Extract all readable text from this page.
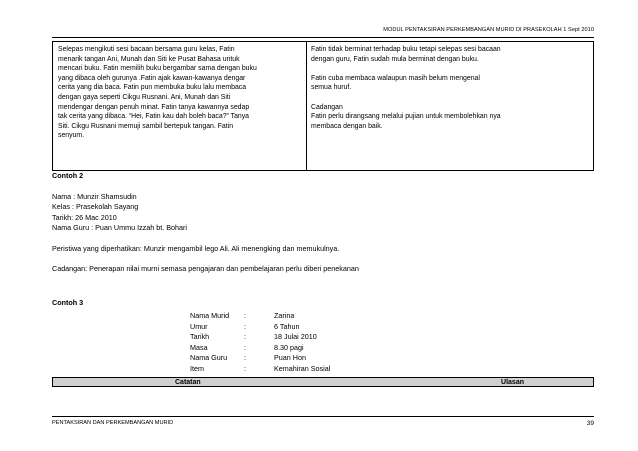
MODUL PENTAKSIRAN PERKEMBANGAN MURID DI PRASEKOLAH 1 Sept 2010

Selepas mengikuti sesi bacaan bersama guru kelas, Fatin

menarik tangan Ani, Munah dan Siti ke Pusat Bahasa untuk

mencari buku. Fatin memilih buku bergambar sama dengan buku

yang dibaca oleh gurunya .Fatin ajak kawan-kawanya dengar

cerita yang dia baca. Fatin pun membuka buku lalu membaca

dengan gaya seperti Cikgu Rusnani. Ani, Munah dan Siti

mendengar dengan penuh minat. Fatin tanya kawannya sedap

tak cerita yang dibaca. “Hei, Fatin kau dah boleh baca?” Tanya

Siti. Cikgu Rusnani memuji sambil bertepuk tangan. Fatin

senyum.

Fatin tidak berminat terhadap buku tetapi selepas sesi bacaan
dengan guru, Fatin sudah mula berminat dengan buku.

Fatin cuba membaca walaupun masih belum mengenal
semua huruf.

Cadangan
Fatin perlu dirangsang melalui pujian untuk membolehkan nya
membaca dengan baik.

Contoh 2

Nama : Munzir Shamsudin

Kelas : Prasekolah Sayang

Tarikh: 26 Mac 2010

Nama Guru : Puan Ummu Izzah bt. Bohari

Peristiwa yang diperhatikan: Munzir mengambil lego Ali. Ali menengking dan memukulnya.

Cadangan: Penerapan nilai murni semasa pengajaran dan pembelajaran perlu diberi penekanan

Contoh 3

Nama Murid	:	Zarina
Umur	:	6 Tahun
Tarikh	:	18 Julai 2010
Masa	:	8.30 pagi
Nama Guru	:	Puan Hon
Item	:	Kemahiran Sosial
Catatan	Ulasan
PENTAKSIRAN DAN PERKEMBANGAN MURID	39
